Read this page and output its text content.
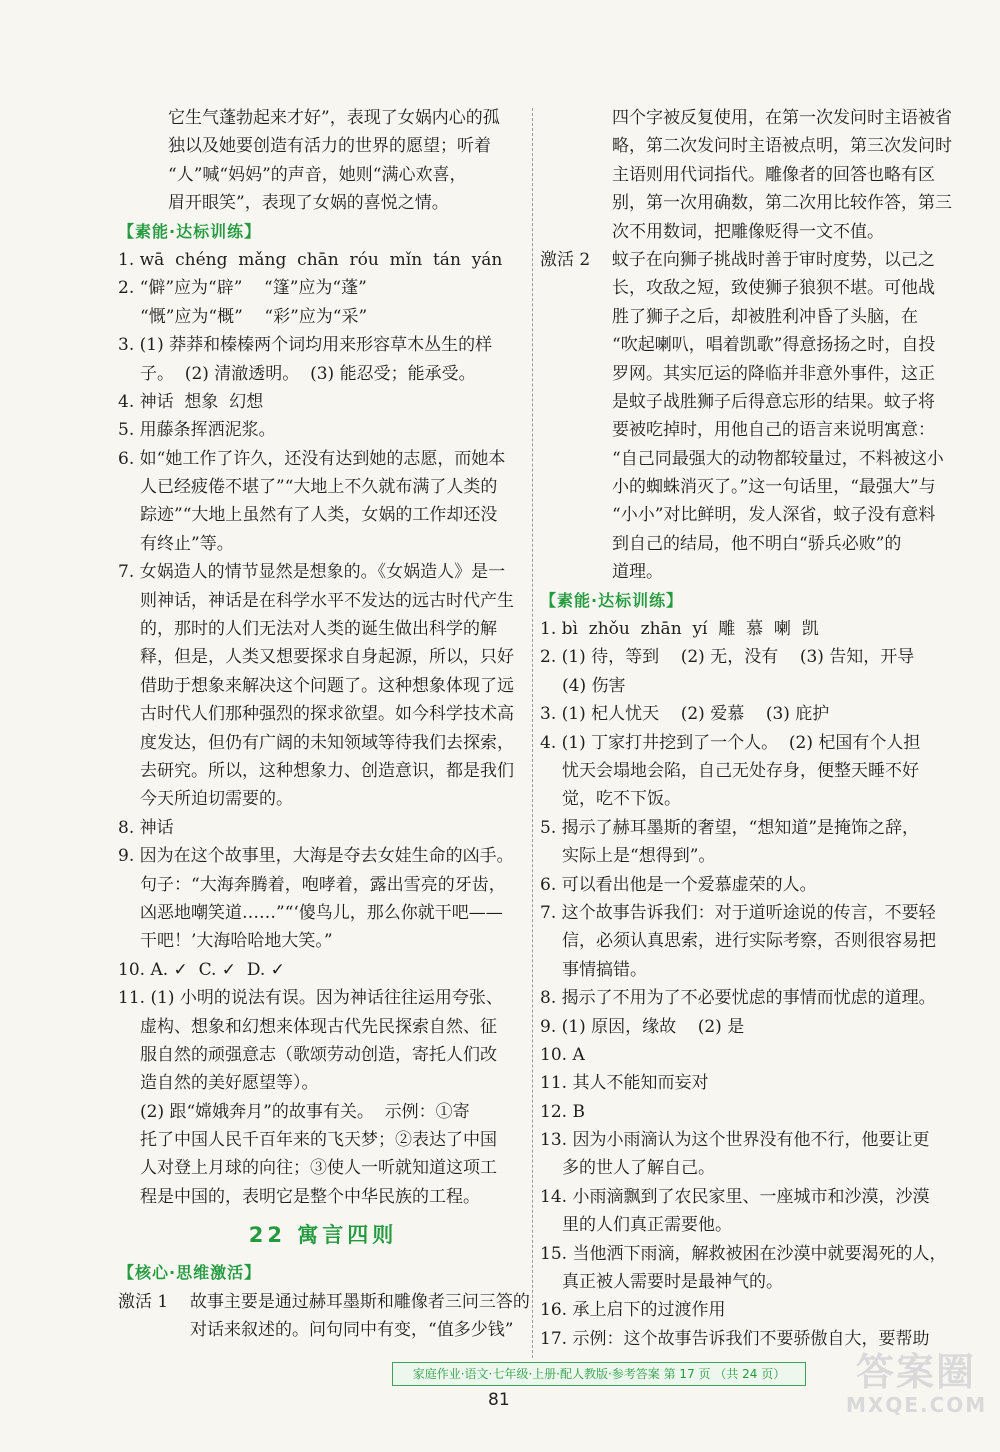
它生气蓬勃起来才好”，表现了女娲内心的孤
独以及她要创造有活力的世界的愿望；听着
“人”喊“妈妈”的声音，她则“满心欢喜，
眉开眼笑”，表现了女娲的喜悦之情。
【素能·达标训练】
1. wā  chéng  mǎng  chān  róu  mǐn  tán  yán
2. “僻”应为“辟”    “篷”应为“蓬”
“慨”应为“概”    “彩”应为“采”
3. (1) 莽莽和榛榛两个词均用来形容草木丛生的样
子。  (2) 清澈透明。  (3) 能忍受；能承受。
4. 神话  想象  幻想
5. 用藤条挥洒泥浆。
6. 如“她工作了许久，还没有达到她的志愿，而她本
人已经疲倦不堪了”“大地上不久就布满了人类的
踪迹”“大地上虽然有了人类，女娲的工作却还没
有终止”等。
7. 女娲造人的情节显然是想象的。《女娲造人》是一
则神话，神话是在科学水平不发达的远古时代产生
的，那时的人们无法对人类的诞生做出科学的解
释，但是，人类又想要探求自身起源，所以，只好
借助于想象来解决这个问题了。这种想象体现了远
古时代人们那种强烈的探求欲望。如今科学技术高
度发达，但仍有广阔的未知领域等待我们去探索，
去研究。所以，这种想象力、创造意识，都是我们
今天所迫切需要的。
8. 神话
9. 因为在这个故事里，大海是夺去女娃生命的凶手。
句子：“大海奔腾着，咆哮着，露出雪亮的牙齿，
凶恶地嘲笑道……”“‘傻鸟儿，那么你就干吧——
干吧！’大海哈哈地大笑。”
10. A. ✓  C. ✓  D. ✓
11. (1) 小明的说法有误。因为神话往往运用夸张、
虚构、想象和幻想来体现古代先民探索自然、征
服自然的顽强意志（歌颂劳动创造，寄托人们改
造自然的美好愿望等）。
(2) 跟“嫦娥奔月”的故事有关。  示例：①寄
托了中国人民千百年来的飞天梦；②表达了中国
人对登上月球的向往；③使人一听就知道这项工
程是中国的，表明它是整个中华民族的工程。
22 寓言四则
【核心·思维激活】
激活 1    故事主要是通过赫耳墨斯和雕像者三问三答的
对话来叙述的。问句同中有变，“值多少钱”
四个字被反复使用，在第一次发问时主语被省
略，第二次发问时主语被点明，第三次发问时
主语则用代词指代。雕像者的回答也略有区
别，第一次用确数，第二次用比较作答，第三
次不用数词，把雕像贬得一文不值。
激活 2    蚊子在向狮子挑战时善于审时度势，以己之
长，攻敌之短，致使狮子狼狈不堪。可他战
胜了狮子之后，却被胜利冲昏了头脑，在
“吹起喇叭，唱着凯歌”得意扬扬之时，自投
罗网。其实厄运的降临并非意外事件，这正
是蚊子战胜狮子后得意忘形的结果。蚊子将
要被吃掉时，用他自己的语言来说明寓意：
“自己同最强大的动物都较量过，不料被这小
小的蜘蛛消灭了。”这一句话里，“最强大”与
“小小”对比鲜明，发人深省，蚊子没有意料
到自己的结局，他不明白“骄兵必败”的
道理。
【素能·达标训练】
1. bì  zhǒu  zhān  yí  雕  慕  喇  凯
2. (1) 待，等到    (2) 无，没有    (3) 告知，开导
(4) 伤害
3. (1) 杞人忧天    (2) 爱慕    (3) 庇护
4. (1) 丁家打井挖到了一个人。  (2) 杞国有个人担
忧天会塌地会陷，自己无处存身，便整天睡不好
觉，吃不下饭。
5. 揭示了赫耳墨斯的奢望，“想知道”是掩饰之辞，
实际上是“想得到”。
6. 可以看出他是一个爱慕虚荣的人。
7. 这个故事告诉我们：对于道听途说的传言，不要轻
信，必须认真思索，进行实际考察，否则很容易把
事情搞错。
8. 揭示了不用为了不必要忧虑的事情而忧虑的道理。
9. (1) 原因，缘故    (2) 是
10. A
11. 其人不能知而妄对
12. B
13. 因为小雨滴认为这个世界没有他不行，他要让更
多的世人了解自己。
14. 小雨滴飘到了农民家里、一座城市和沙漠，沙漠
里的人们真正需要他。
15. 当他洒下雨滴，解救被困在沙漠中就要渴死的人，
真正被人需要时是最神气的。
16. 承上启下的过渡作用
17. 示例：这个故事告诉我们不要骄傲自大，要帮助
家庭作业·语文·七年级·上册·配人教版·参考答案 第 17 页 （共 24 页）
81
答案圈
MXQE.COM
